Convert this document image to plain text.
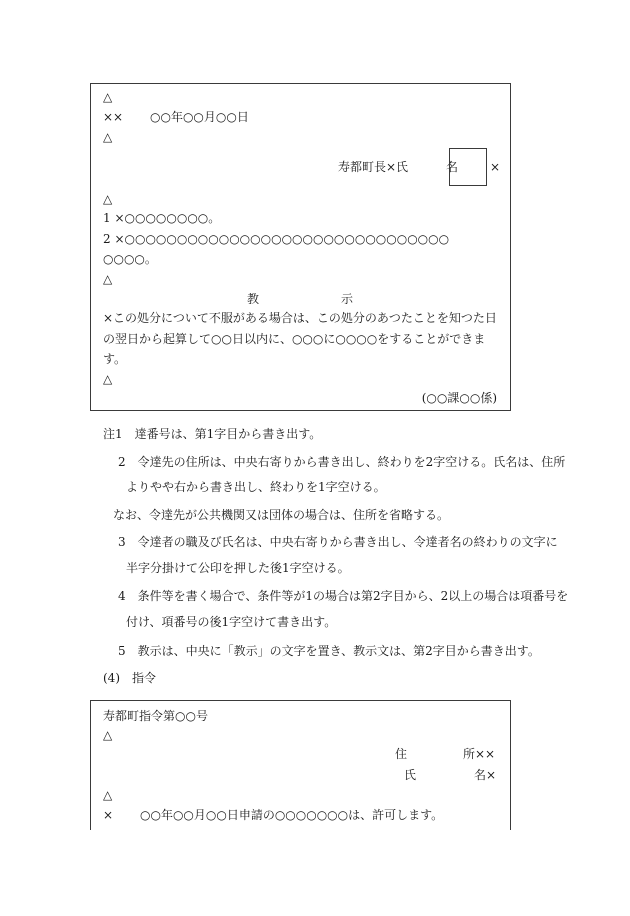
△
×× ○○年○○月○○日
△
寿都町長×氏	名	×
△
1 ×○○○○○○○○。
2 ×○○○○○○○○○○○○○○○○○○○○○○○○○○○○○○○
○○○○。
△
教	示
×この処分について不服がある場合は、この処分のあつたことを知つた日
の翌日から起算して○○日以内に、○○○に○○○○をすることができま
す。
△
(○○課○○係)
注1　達番号は、第1字目から書き出す。
2　令達先の住所は、中央右寄りから書き出し、終わりを2字空ける。氏名は、住所
よりやや右から書き出し、終わりを1字空ける。
なお、令達先が公共機関又は団体の場合は、住所を省略する。
3　令達者の職及び氏名は、中央右寄りから書き出し、令達者名の終わりの文字に
半字分掛けて公印を押した後1字空ける。
4　条件等を書く場合で、条件等が1の場合は第2字目から、2以上の場合は項番号を
付け、項番号の後1字空けて書き出す。
5　教示は、中央に「教示」の文字を置き、教示文は、第2字目から書き出す。
(4)　指令
寿都町指令第○○号
△
住	所××
氏	名×
△
× ○○年○○月○○日申請の○○○○○○○は、許可します。
